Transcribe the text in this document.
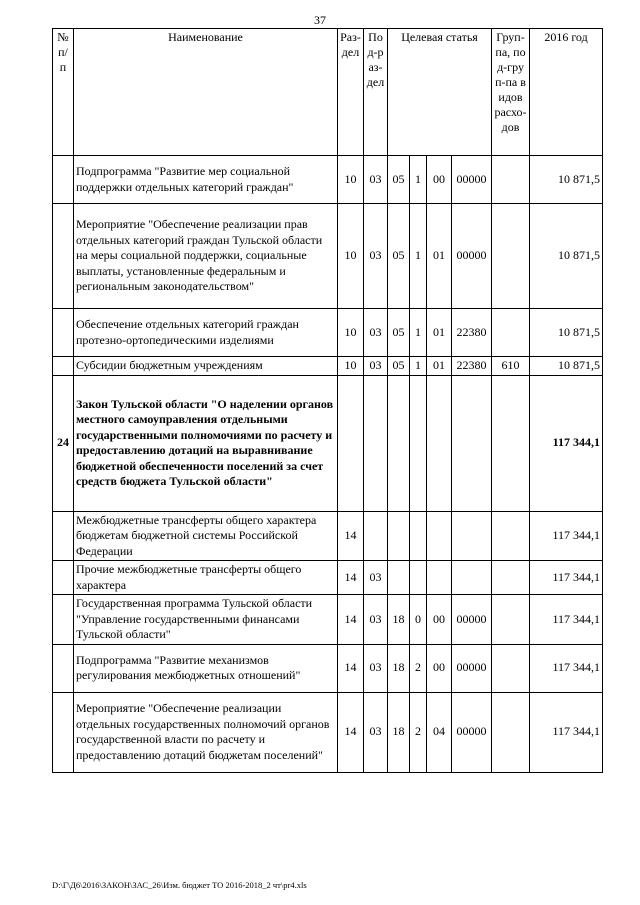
37
№ п/п	Наименование	Раз-дел	Под-раз-дел	Целевая статья				Груп-па, под-груп-па видов расхо-дов	2016 год
	Подпрограмма "Развитие мер социальной поддержки отдельных категорий граждан"	10	03	05	1	00	00000		10 871,5
	Мероприятие "Обеспечение реализации прав отдельных категорий граждан Тульской области на меры социальной поддержки, социальные выплаты, установленные федеральным и региональным законодательством"	10	03	05	1	01	00000		10 871,5
	Обеспечение отдельных категорий граждан протезно-ортопедическими изделиями	10	03	05	1	01	22380		10 871,5
	Субсидии бюджетным учреждениям	10	03	05	1	01	22380	610	10 871,5
24	Закон Тульской области "О наделении органов местного самоуправления отдельными государственными полномочиями по расчету и предоставлению дотаций на выравнивание бюджетной обеспеченности поселений за счет средств бюджета Тульской области"								117 344,1
	Межбюджетные трансферты общего характера бюджетам бюджетной системы Российской Федерации	14							117 344,1
	Прочие межбюджетные трансферты общего характера	14	03						117 344,1
	Государственная программа Тульской области "Управление государственными финансами Тульской области"	14	03	18	0	00	00000		117 344,1
	Подпрограмма "Развитие механизмов регулирования межбюджетных отношений"	14	03	18	2	00	00000		117 344,1
	Мероприятие "Обеспечение реализации отдельных государственных полномочий органов государственной власти по расчету и предоставлению дотаций бюджетам поселений"	14	03	18	2	04	00000		117 344,1
D:\Г\Д6\2016\ЗАКОН\ЗАС_26\Изм. бюджет ТО 2016-2018_2 чт\pr4.xls
